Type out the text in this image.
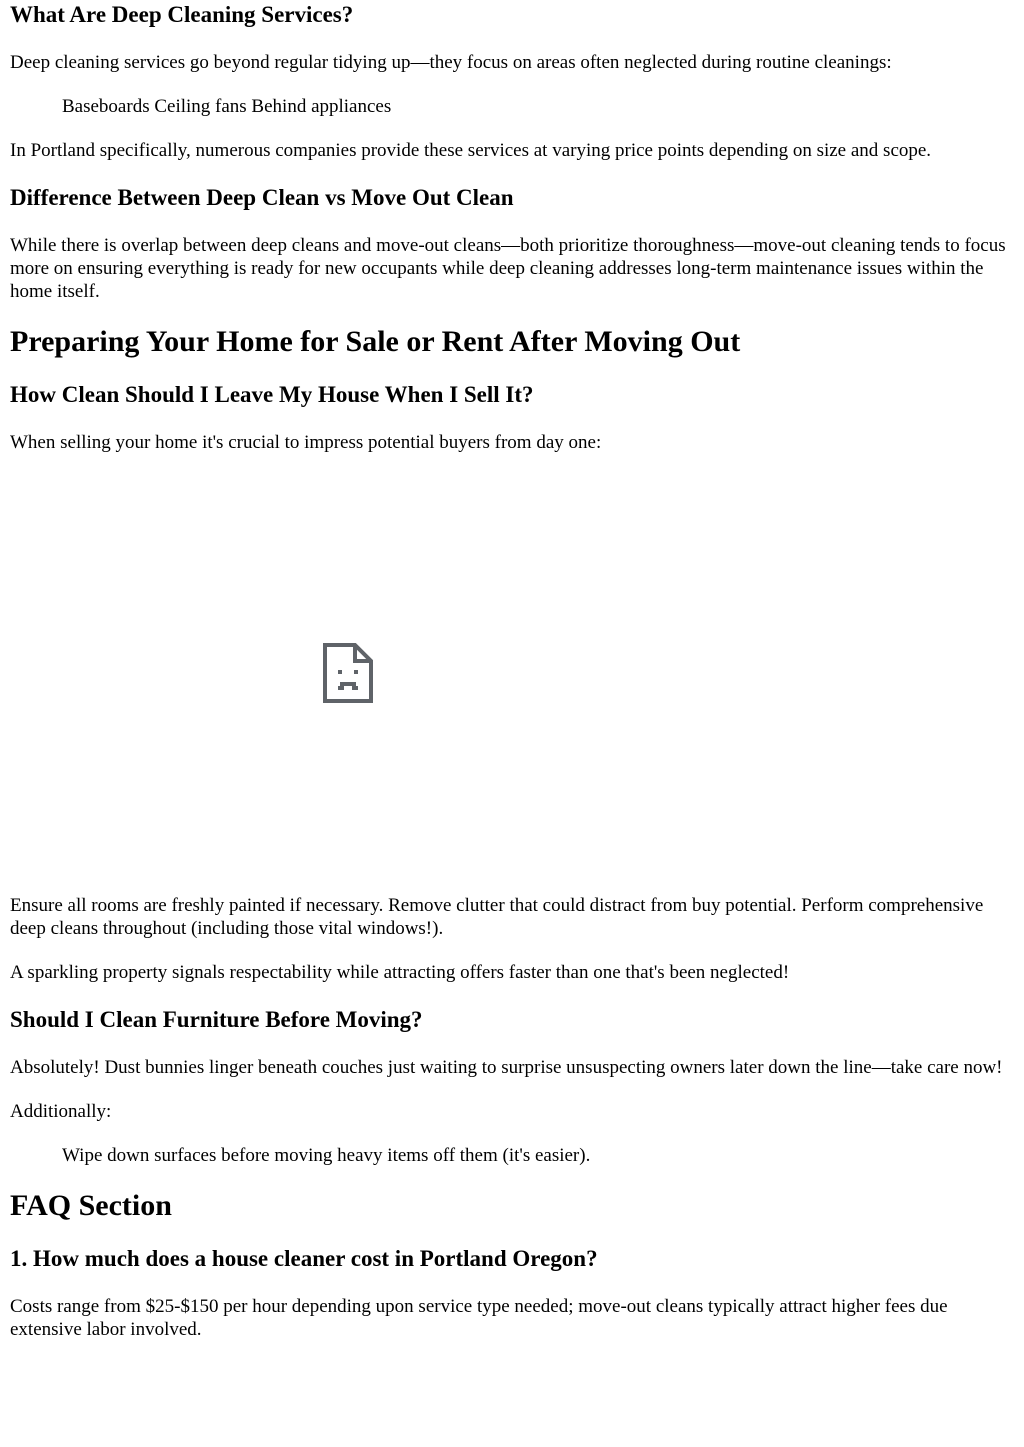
What Are Deep Cleaning Services?

Deep cleaning services go beyond regular tidying up—they focus on areas often neglected during routine cleanings:

Baseboards Ceiling fans Behind appliances

In Portland specifically, numerous companies provide these services at varying price points depending on size and scope.

Difference Between Deep Clean vs Move Out Clean

While there is overlap between deep cleans and move-out cleans—both prioritize thoroughness—move-out cleaning tends to focus more on ensuring everything is ready for new occupants while deep cleaning addresses long-term maintenance issues within the home itself.

Preparing Your Home for Sale or Rent After Moving Out
How Clean Should I Leave My House When I Sell It?

When selling your home it's crucial to impress potential buyers from day one:

Ensure all rooms are freshly painted if necessary. Remove clutter that could distract from buy potential. Perform comprehensive deep cleans throughout (including those vital windows!).

A sparkling property signals respectability while attracting offers faster than one that's been neglected!

Should I Clean Furniture Before Moving?

Absolutely! Dust bunnies linger beneath couches just waiting to surprise unsuspecting owners later down the line—take care now!

Additionally:

Wipe down surfaces before moving heavy items off them (it's easier).

FAQ Section
1. How much does a house cleaner cost in Portland Oregon?

Costs range from $25-$150 per hour depending upon service type needed; move-out cleans typically attract higher fees due extensive labor involved.
